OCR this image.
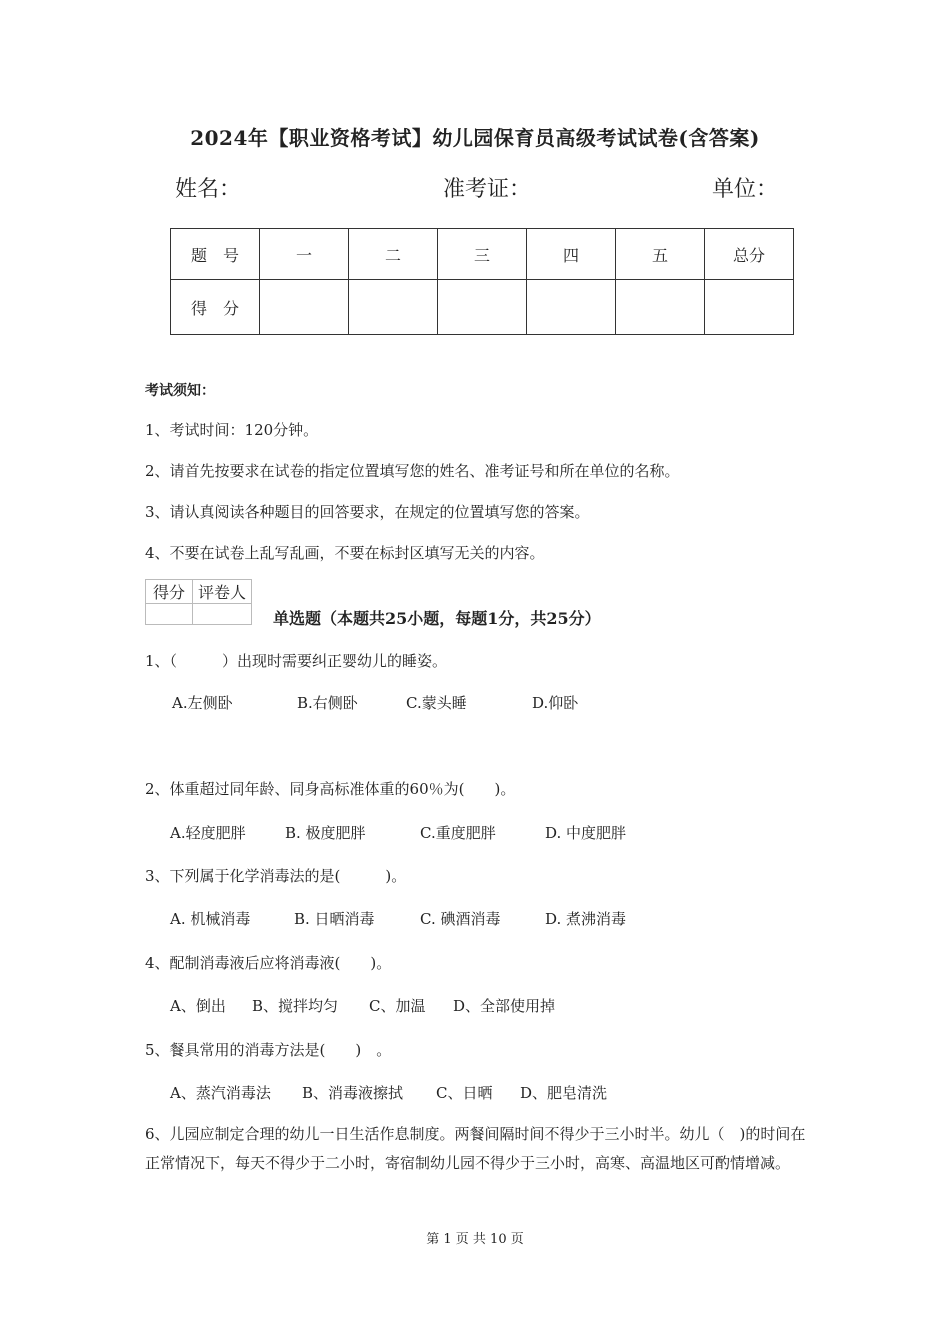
2024年【职业资格考试】幼儿园保育员高级考试试卷(含答案)
姓名：	准考证：	单位：
题　号	一	二	三	四	五	总分
得　分						
考试须知：
1、考试时间：120分钟。
2、请首先按要求在试卷的指定位置填写您的姓名、准考证号和所在单位的名称。
3、请认真阅读各种题目的回答要求，在规定的位置填写您的答案。
4、不要在试卷上乱写乱画，不要在标封区填写无关的内容。
得分	评卷人

单选题（本题共25小题，每题1分，共25分）
1、（　　　）出现时需要纠正婴幼儿的睡姿。
A.左侧卧	B.右侧卧	C.蒙头睡	D.仰卧
2、体重超过同年龄、同身高标准体重的60％为(　　)。
A.轻度肥胖	B. 极度肥胖	C.重度肥胖	D. 中度肥胖
3、下列属于化学消毒法的是(　　　)。
A. 机械消毒	B. 日晒消毒	C. 碘酒消毒	D. 煮沸消毒
4、配制消毒液后应将消毒液(　　)。
A、倒出 B、搅拌均匀 C、加温 D、全部使用掉
5、餐具常用的消毒方法是(　　)　。
A、蒸汽消毒法 B、消毒液擦拭 C、日晒 D、肥皂清洗
6、儿园应制定合理的幼儿一日生活作息制度。两餐间隔时间不得少于三小时半。幼儿（　)的时间在正常情况下，每天不得少于二小时，寄宿制幼儿园不得少于三小时，高寒、高温地区可酌情增减。
第 1 页 共 10 页
